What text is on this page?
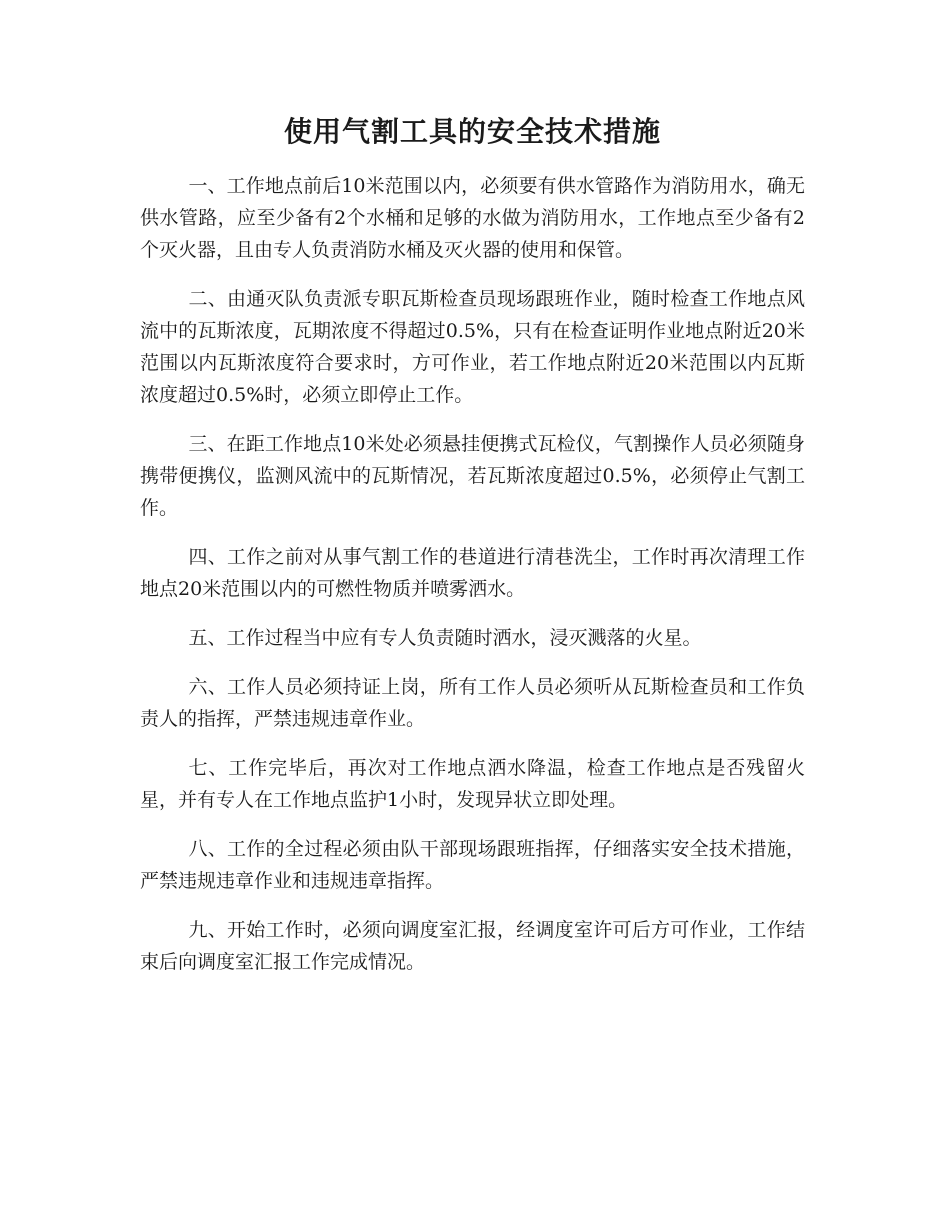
使用气割工具的安全技术措施

一、工作地点前后10米范围以内，必须要有供水管路作为消防用水，确无供水管路，应至少备有2个水桶和足够的水做为消防用水，工作地点至少备有2个灭火器，且由专人负责消防水桶及灭火器的使用和保管。

二、由通灭队负责派专职瓦斯检查员现场跟班作业，随时检查工作地点风流中的瓦斯浓度，瓦期浓度不得超过0.5%，只有在检查证明作业地点附近20米范围以内瓦斯浓度符合要求时，方可作业，若工作地点附近20米范围以内瓦斯浓度超过0.5%时，必须立即停止工作。

三、在距工作地点10米处必须悬挂便携式瓦检仪，气割操作人员必须随身携带便携仪，监测风流中的瓦斯情况，若瓦斯浓度超过0.5%，必须停止气割工作。

四、工作之前对从事气割工作的巷道进行清巷洗尘，工作时再次清理工作地点20米范围以内的可燃性物质并喷雾洒水。

五、工作过程当中应有专人负责随时洒水，浸灭溅落的火星。

六、工作人员必须持证上岗，所有工作人员必须听从瓦斯检查员和工作负责人的指挥，严禁违规违章作业。

七、工作完毕后，再次对工作地点洒水降温，检查工作地点是否残留火星，并有专人在工作地点监护1小时，发现异状立即处理。

八、工作的全过程必须由队干部现场跟班指挥，仔细落实安全技术措施，严禁违规违章作业和违规违章指挥。

九、开始工作时，必须向调度室汇报，经调度室许可后方可作业，工作结束后向调度室汇报工作完成情况。
